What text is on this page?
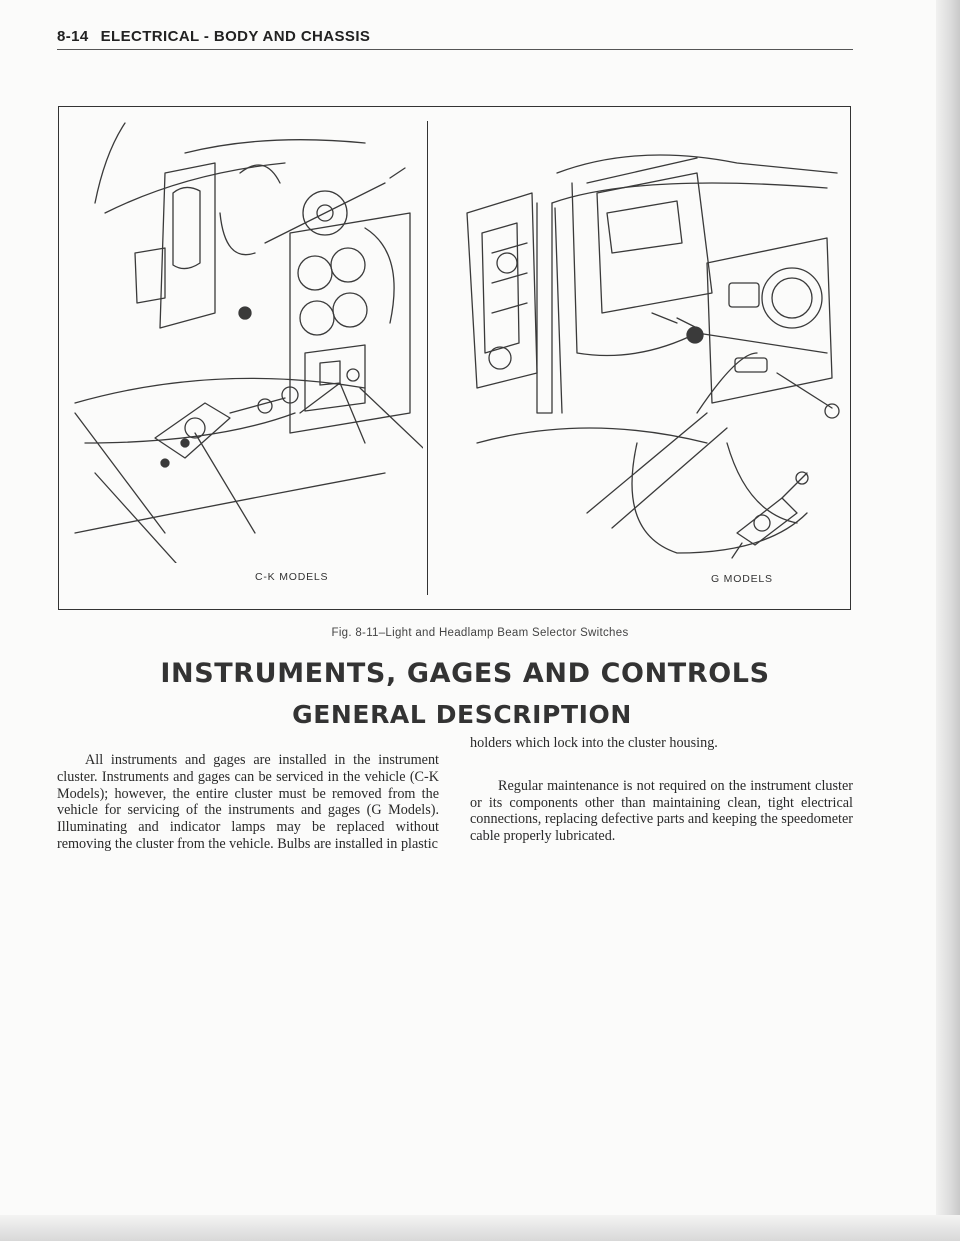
8-14 ELECTRICAL - BODY AND CHASSIS
C-K MODELS	G MODELS
Fig. 8-11–Light and Headlamp Beam Selector Switches
INSTRUMENTS, GAGES AND CONTROLS
GENERAL DESCRIPTION

All instruments and gages are installed in the instrument cluster. Instruments and gages can be serviced in the vehicle (C-K Models); however, the entire cluster must be removed from the vehicle for servicing of the instruments and gages (G Models). Illuminating and indicator lamps may be replaced without removing the cluster from the vehicle. Bulbs are installed in plastic

holders which lock into the cluster housing.

Regular maintenance is not required on the instrument cluster or its components other than maintaining clean, tight electrical connections, replacing defective parts and keeping the speedometer cable properly lubricated.
